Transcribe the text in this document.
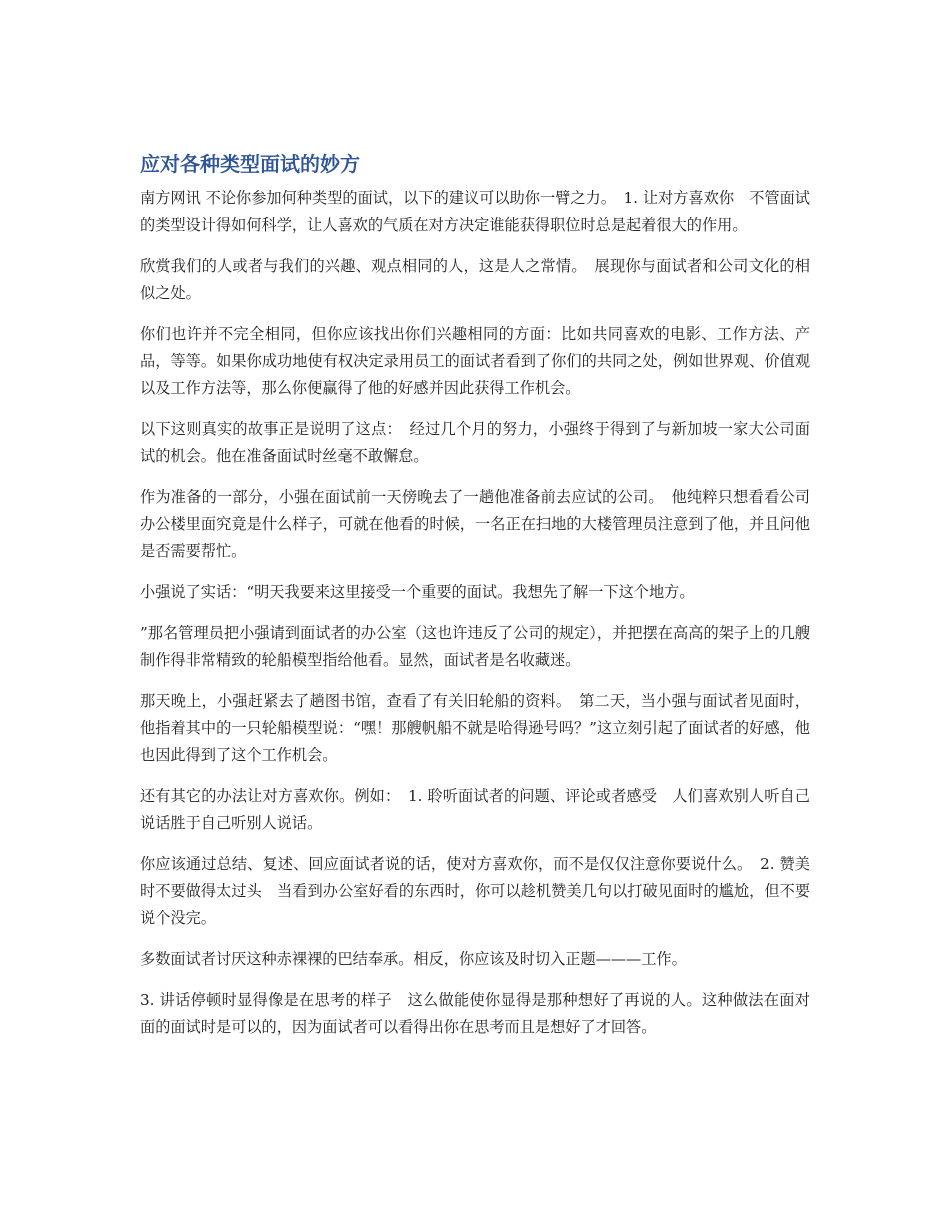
应对各种类型面试的妙方

南方网讯 不论你参加何种类型的面试，以下的建议可以助你一臂之力。　1. 让对方喜欢你　不管面试的类型设计得如何科学，让人喜欢的气质在对方决定谁能获得职位时总是起着很大的作用。

欣赏我们的人或者与我们的兴趣、观点相同的人，这是人之常情。　展现你与面试者和公司文化的相似之处。

你们也许并不完全相同，但你应该找出你们兴趣相同的方面：比如共同喜欢的电影、工作方法、产品，等等。如果你成功地使有权决定录用员工的面试者看到了你们的共同之处，例如世界观、价值观以及工作方法等，那么你便赢得了他的好感并因此获得工作机会。

以下这则真实的故事正是说明了这点：　经过几个月的努力，小强终于得到了与新加坡一家大公司面试的机会。他在准备面试时丝毫不敢懈怠。

作为准备的一部分，小强在面试前一天傍晚去了一趟他准备前去应试的公司。　他纯粹只想看看公司办公楼里面究竟是什么样子，可就在他看的时候，一名正在扫地的大楼管理员注意到了他，并且问他是否需要帮忙。

小强说了实话：“明天我要来这里接受一个重要的面试。我想先了解一下这个地方。

”那名管理员把小强请到面试者的办公室（这也许违反了公司的规定），并把摆在高高的架子上的几艘制作得非常精致的轮船模型指给他看。显然，面试者是名收藏迷。

那天晚上，小强赶紧去了趟图书馆，查看了有关旧轮船的资料。　第二天，当小强与面试者见面时，他指着其中的一只轮船模型说：“嘿！那艘帆船不就是哈得逊号吗？”这立刻引起了面试者的好感，他也因此得到了这个工作机会。

还有其它的办法让对方喜欢你。例如：　1. 聆听面试者的问题、评论或者感受　人们喜欢别人听自己说话胜于自己听别人说话。

你应该通过总结、复述、回应面试者说的话，使对方喜欢你，而不是仅仅注意你要说什么。　2. 赞美时不要做得太过头　当看到办公室好看的东西时，你可以趁机赞美几句以打破见面时的尴尬，但不要说个没完。

多数面试者讨厌这种赤裸裸的巴结奉承。相反，你应该及时切入正题———工作。

3. 讲话停顿时显得像是在思考的样子　这么做能使你显得是那种想好了再说的人。这种做法在面对面的面试时是可以的，因为面试者可以看得出你在思考而且是想好了才回答。
